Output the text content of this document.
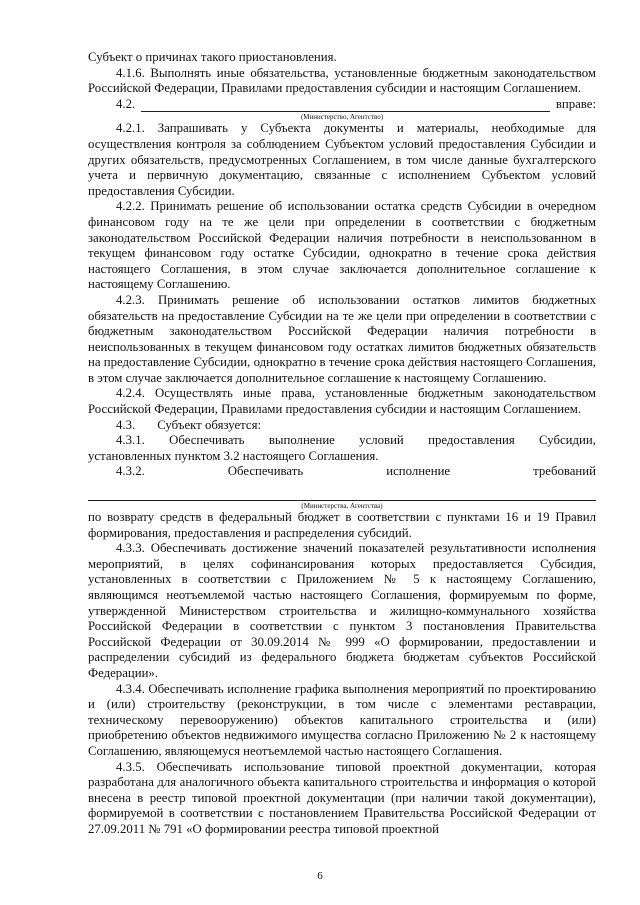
Субъект о причинах такого приостановления.

4.1.6. Выполнять иные обязательства, установленные бюджетным законодательством Российской Федерации, Правилами предоставления субсидии и настоящим Соглашением.

4.2.	вправе:
(Министерство, Агентство)

4.2.1. Запрашивать у Субъекта документы и материалы, необходимые для осуществления контроля за соблюдением Субъектом условий предоставления Субсидии и других обязательств, предусмотренных Соглашением, в том числе данные бухгалтерского учета и первичную документацию, связанные с исполнением Субъектом условий предоставления Субсидии.

4.2.2. Принимать решение об использовании остатка средств Субсидии в очередном финансовом году на те же цели при определении в соответствии с бюджетным законодательством Российской Федерации наличия потребности в неиспользованном в текущем финансовом году остатке Субсидии, однократно в течение срока действия настоящего Соглашения, в этом случае заключается дополнительное соглашение к настоящему Соглашению.

4.2.3. Принимать решение об использовании остатков лимитов бюджетных обязательств на предоставление Субсидии на те же цели при определении в соответствии с бюджетным законодательством Российской Федерации наличия потребности в неиспользованных в текущем финансовом году остатках лимитов бюджетных обязательств на предоставление Субсидии, однократно в течение срока действия настоящего Соглашения, в этом случае заключается дополнительное соглашение к настоящему Соглашению.

4.2.4. Осуществлять иные права, установленные бюджетным законодательством Российской Федерации, Правилами предоставления субсидии и настоящим Соглашением.

4.3. Субъект обязуется:
4.3.1. Обеспечивать выполнение условий предоставления Субсидии,

установленных пунктом 3.2 настоящего Соглашения.

4.3.2.	Обеспечивать	исполнение	требований
(Министерства, Агентства)

по возврату средств в федеральный бюджет в соответствии с пунктами 16 и 19 Правил формирования, предоставления и распределения субсидий.

4.3.3. Обеспечивать достижение значений показателей результативности исполнения мероприятий, в целях софинансирования которых предоставляется Субсидия, установленных в соответствии с Приложением № 5 к настоящему Соглашению, являющимся неотъемлемой частью настоящего Соглашения, формируемым по форме, утвержденной Министерством строительства и жилищно-коммунального хозяйства Российской Федерации в соответствии с пунктом 3 постановления Правительства Российской Федерации от 30.09.2014 № 999 «О формировании, предоставлении и распределении субсидий из федерального бюджета бюджетам субъектов Российской Федерации».

4.3.4. Обеспечивать исполнение графика выполнения мероприятий по проектированию и (или) строительству (реконструкции, в том числе с элементами реставрации, техническому перевооружению) объектов капитального строительства и (или) приобретению объектов недвижимого имущества согласно Приложению № 2 к настоящему Соглашению, являющемуся неотъемлемой частью настоящего Соглашения.

4.3.5. Обеспечивать использование типовой проектной документации, которая разработана для аналогичного объекта капитального строительства и информация о которой внесена в реестр типовой проектной документации (при наличии такой документации), формируемой в соответствии с постановлением Правительства Российской Федерации от 27.09.2011 № 791 «О формировании реестра типовой проектной

6
